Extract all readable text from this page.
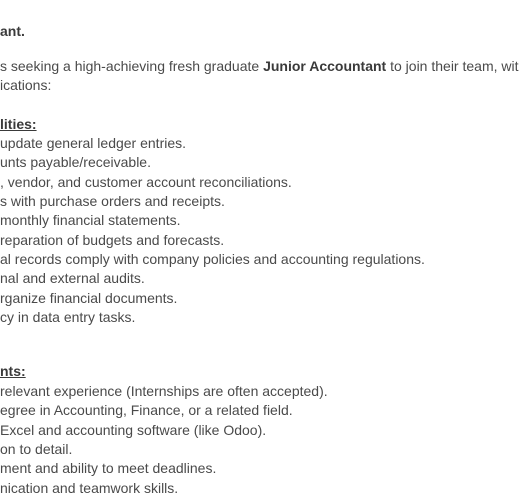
ant.
s seeking a high-achieving fresh graduate Junior Accountant to join their team, wit
ications:
lities:
update general ledger entries.
unts payable/receivable.
, vendor, and customer account reconciliations.
s with purchase orders and receipts.
monthly financial statements.
reparation of budgets and forecasts.
al records comply with company policies and accounting regulations.
nal and external audits.
rganize financial documents.
cy in data entry tasks.
nts:
relevant experience (Internships are often accepted).
egree in Accounting, Finance, or a related field.
Excel and accounting software (like Odoo).
on to detail.
ment and ability to meet deadlines.
nication and teamwork skills.
